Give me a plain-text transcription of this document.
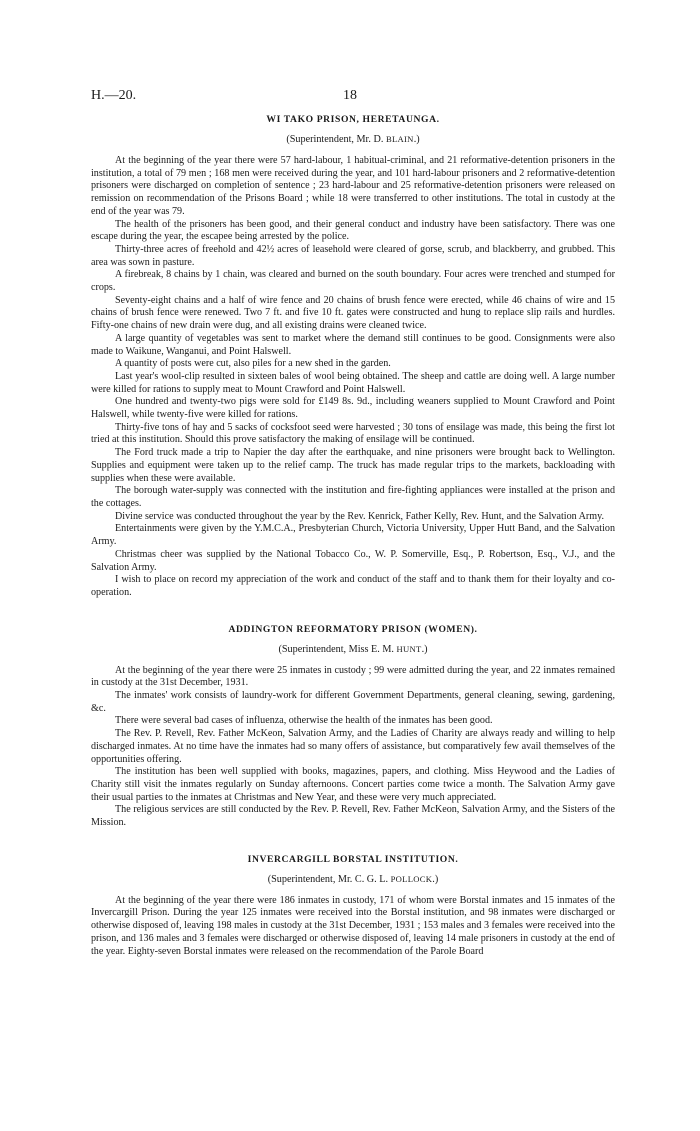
H.—20.	18
WI TAKO PRISON, HERETAUNGA.
(Superintendent, Mr. D. BLAIN.)

At the beginning of the year there were 57 hard-labour, 1 habitual-criminal, and 21 reformative-detention prisoners in the institution, a total of 79 men ; 168 men were received during the year, and 101 hard-labour prisoners and 2 reformative-detention prisoners were discharged on completion of sentence ; 23 hard-labour and 25 reformative-detention prisoners were released on remission on recommendation of the Prisons Board ; while 18 were transferred to other institutions. The total in custody at the end of the year was 79.

The health of the prisoners has been good, and their general conduct and industry have been satisfactory. There was one escape during the year, the escapee being arrested by the police.

Thirty-three acres of freehold and 42½ acres of leasehold were cleared of gorse, scrub, and blackberry, and grubbed. This area was sown in pasture.

A firebreak, 8 chains by 1 chain, was cleared and burned on the south boundary. Four acres were trenched and stumped for crops.

Seventy-eight chains and a half of wire fence and 20 chains of brush fence were erected, while 46 chains of wire and 15 chains of brush fence were renewed. Two 7 ft. and five 10 ft. gates were constructed and hung to replace slip rails and hurdles. Fifty-one chains of new drain were dug, and all existing drains were cleaned twice.

A large quantity of vegetables was sent to market where the demand still continues to be good. Consignments were also made to Waikune, Wanganui, and Point Halswell.

A quantity of posts were cut, also piles for a new shed in the garden.

Last year's wool-clip resulted in sixteen bales of wool being obtained. The sheep and cattle are doing well. A large number were killed for rations to supply meat to Mount Crawford and Point Halswell.

One hundred and twenty-two pigs were sold for £149 8s. 9d., including weaners supplied to Mount Crawford and Point Halswell, while twenty-five were killed for rations.

Thirty-five tons of hay and 5 sacks of cocksfoot seed were harvested ; 30 tons of ensilage was made, this being the first lot tried at this institution. Should this prove satisfactory the making of ensilage will be continued.

The Ford truck made a trip to Napier the day after the earthquake, and nine prisoners were brought back to Wellington. Supplies and equipment were taken up to the relief camp. The truck has made regular trips to the markets, backloading with supplies when these were available.

The borough water-supply was connected with the institution and fire-fighting appliances were installed at the prison and the cottages.

Divine service was conducted throughout the year by the Rev. Kenrick, Father Kelly, Rev. Hunt, and the Salvation Army.

Entertainments were given by the Y.M.C.A., Presbyterian Church, Victoria University, Upper Hutt Band, and the Salvation Army.

Christmas cheer was supplied by the National Tobacco Co., W. P. Somerville, Esq., P. Robertson, Esq., V.J., and the Salvation Army.

I wish to place on record my appreciation of the work and conduct of the staff and to thank them for their loyalty and co-operation.

ADDINGTON REFORMATORY PRISON (WOMEN).
(Superintendent, Miss E. M. HUNT.)

At the beginning of the year there were 25 inmates in custody ; 99 were admitted during the year, and 22 inmates remained in custody at the 31st December, 1931.

The inmates' work consists of laundry-work for different Government Departments, general cleaning, sewing, gardening, &c.

There were several bad cases of influenza, otherwise the health of the inmates has been good.

The Rev. P. Revell, Rev. Father McKeon, Salvation Army, and the Ladies of Charity are always ready and willing to help discharged inmates. At no time have the inmates had so many offers of assistance, but comparatively few avail themselves of the opportunities offering.

The institution has been well supplied with books, magazines, papers, and clothing. Miss Heywood and the Ladies of Charity still visit the inmates regularly on Sunday afternoons. Concert parties come twice a month. The Salvation Army gave their usual parties to the inmates at Christmas and New Year, and these were very much appreciated.

The religious services are still conducted by the Rev. P. Revell, Rev. Father McKeon, Salvation Army, and the Sisters of the Mission.

INVERCARGILL BORSTAL INSTITUTION.
(Superintendent, Mr. C. G. L. POLLOCK.)

At the beginning of the year there were 186 inmates in custody, 171 of whom were Borstal inmates and 15 inmates of the Invercargill Prison. During the year 125 inmates were received into the Borstal institution, and 98 inmates were discharged or otherwise disposed of, leaving 198 males in custody at the 31st December, 1931 ; 153 males and 3 females were received into the prison, and 136 males and 3 females were discharged or otherwise disposed of, leaving 14 male prisoners in custody at the end of the year. Eighty-seven Borstal inmates were released on the recommendation of the Parole Board
